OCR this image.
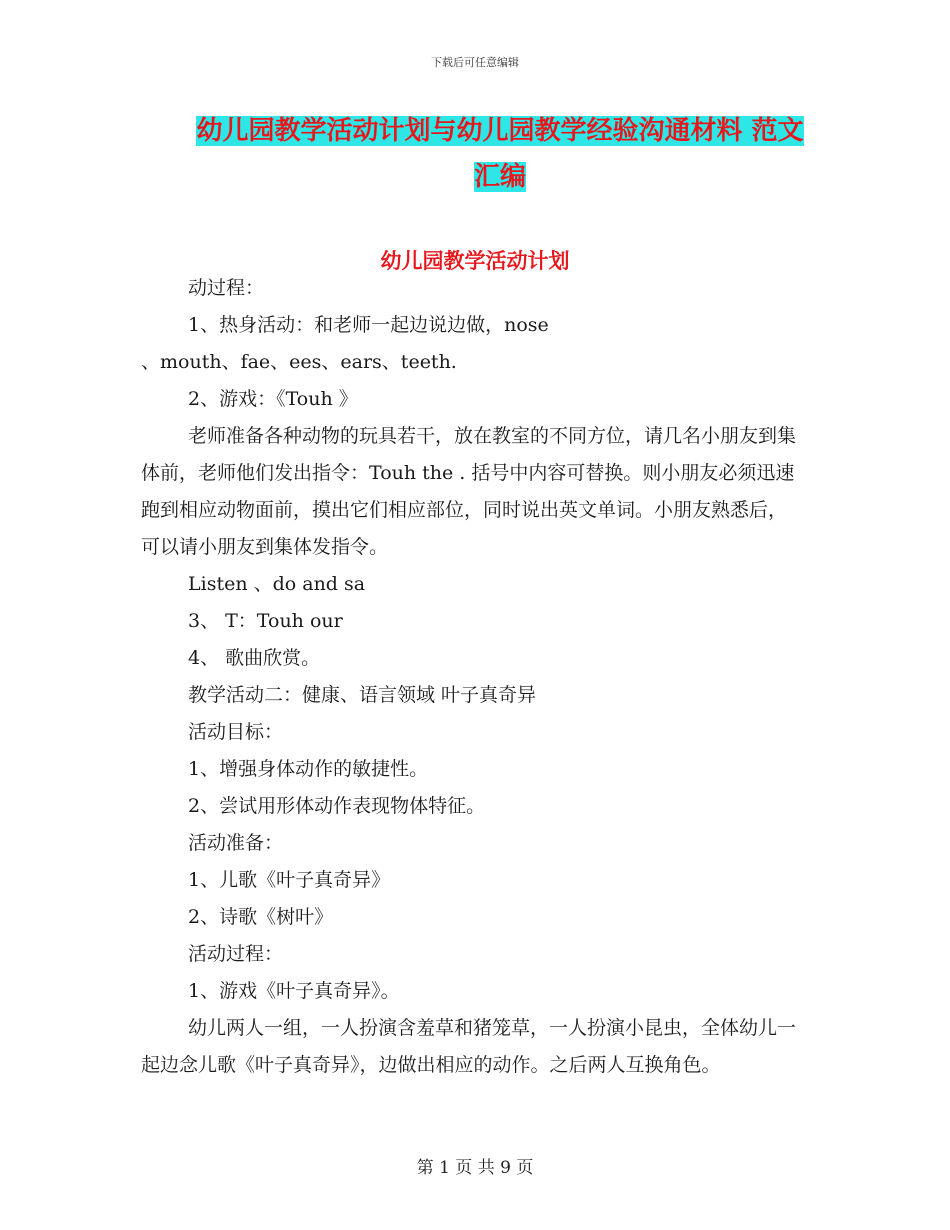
下载后可任意编辑
幼儿园教学活动计划与幼儿园教学经验沟通材料 范文
汇编
幼儿园教学活动计划

动过程：

1、热身活动：和老师一起边说边做，nose

、mouth、fae、ees、ears、teeth.

2、游戏：《Touh 》

老师准备各种动物的玩具若干，放在教室的不同方位，请几名小朋友到集体前，老师他们发出指令：Touh the . 括号中内容可替换。则小朋友必须迅速跑到相应动物面前，摸出它们相应部位，同时说出英文单词。小朋友熟悉后，可以请小朋友到集体发指令。

Listen 、do and sa

3、 T：Touh our

4、 歌曲欣赏。

教学活动二：健康、语言领域 叶子真奇异

活动目标：

1、增强身体动作的敏捷性。

2、尝试用形体动作表现物体特征。

活动准备：

1、儿歌《叶子真奇异》

2、诗歌《树叶》

活动过程：

1、游戏《叶子真奇异》。

幼儿两人一组，一人扮演含羞草和猪笼草，一人扮演小昆虫，全体幼儿一起边念儿歌《叶子真奇异》，边做出相应的动作。之后两人互换角色。

第 1 页 共 9 页
